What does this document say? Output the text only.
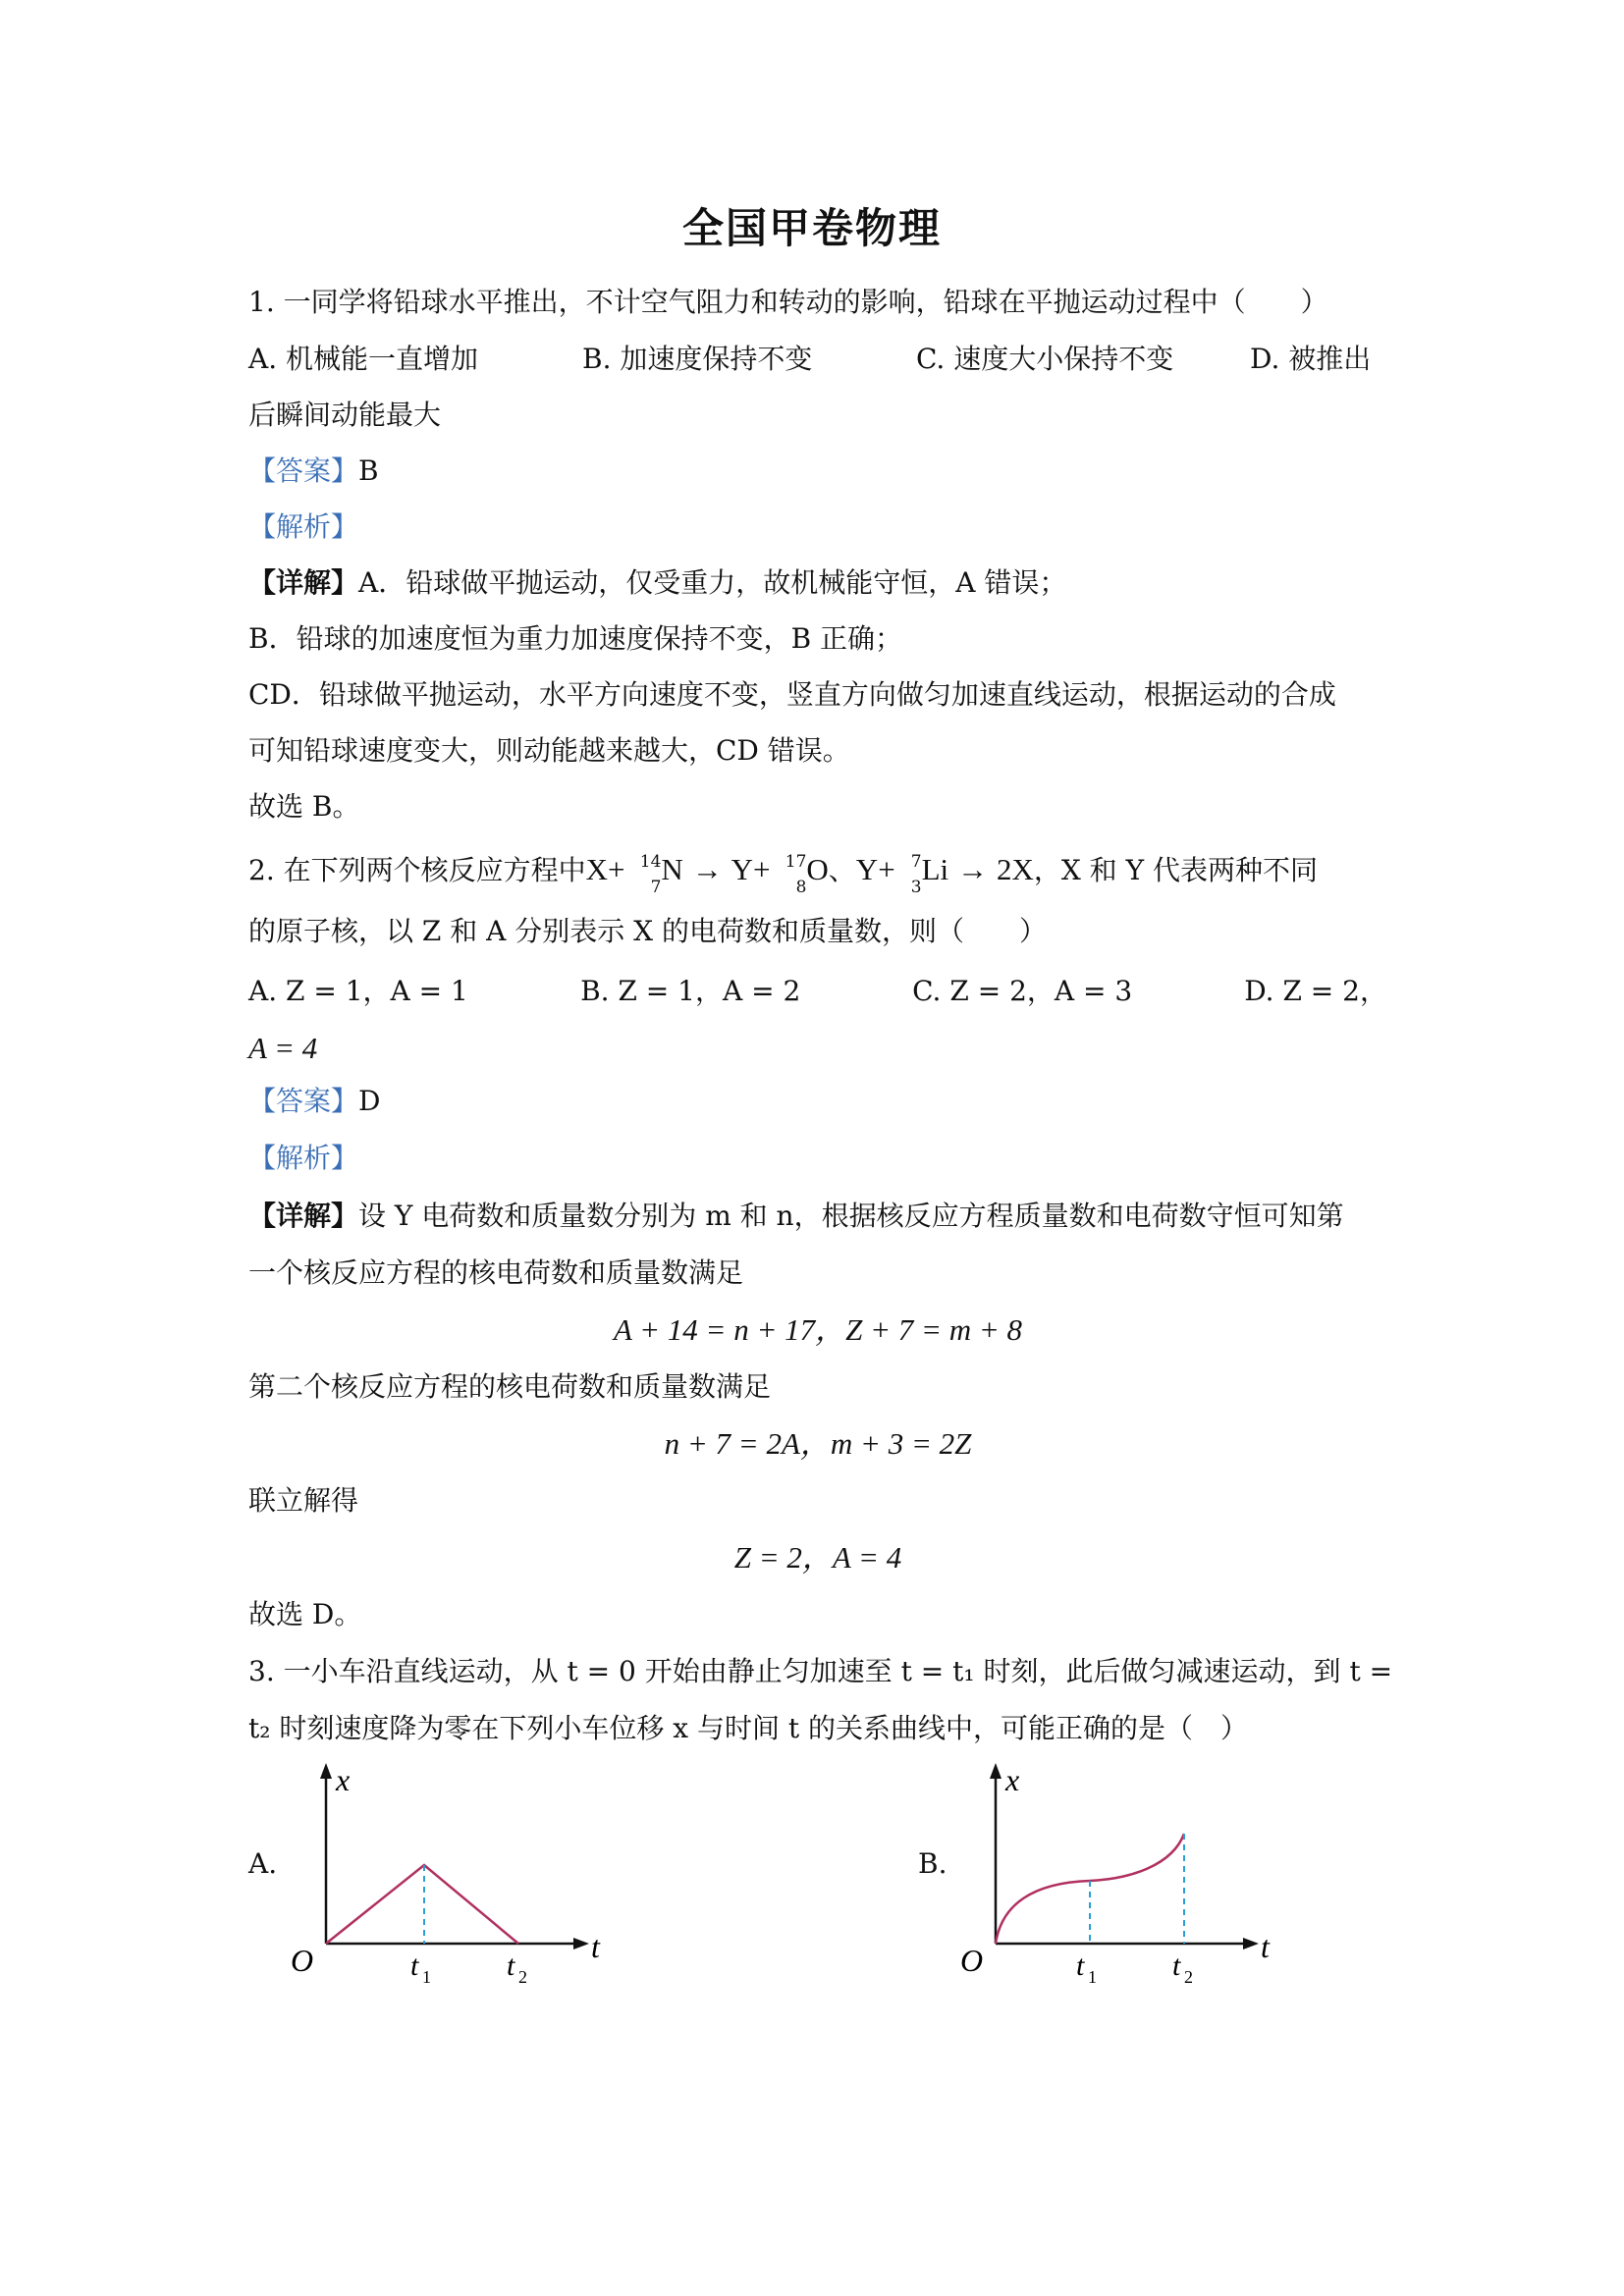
全国甲卷物理
1. 一同学将铅球水平推出，不计空气阻力和转动的影响，铅球在平抛运动过程中（　　）
A. 机械能一直增加	B. 加速度保持不变	C. 速度大小保持不变	D. 被推出
后瞬间动能最大
【答案】B
【解析】
【详解】A．铅球做平抛运动，仅受重力，故机械能守恒，A 错误；
B．铅球的加速度恒为重力加速度保持不变，B 正确；
CD．铅球做平抛运动，水平方向速度不变，竖直方向做匀加速直线运动，根据运动的合成
可知铅球速度变大，则动能越来越大，CD 错误。
故选 B。
2. 在下列两个核反应方程中X+ 14
7
N → Y+ 17
8
O、Y+ 7
3
Li → 2X，X 和 Y 代表两种不同
的原子核，以 Z 和 A 分别表示 X 的电荷数和质量数，则（　　）
A. Z = 1，A = 1	B. Z = 1，A = 2	C. Z = 2，A = 3	D. Z = 2，
A = 4
【答案】D
【解析】
【详解】设 Y 电荷数和质量数分别为 m 和 n，根据核反应方程质量数和电荷数守恒可知第
一个核反应方程的核电荷数和质量数满足
A + 14 = n + 17，Z + 7 = m + 8
第二个核反应方程的核电荷数和质量数满足
n + 7 = 2A，m + 3 = 2Z
联立解得
Z = 2，A = 4
故选 D。
3. 一小车沿直线运动，从 t = 0 开始由静止匀加速至 t = t₁ 时刻，此后做匀减速运动，到 t =
t₂ 时刻速度降为零在下列小车位移 x 与时间 t 的关系曲线中，可能正确的是（　）
A.
x
t
O	t 1	t 2
B.
x
t
O	t 1	t 2
